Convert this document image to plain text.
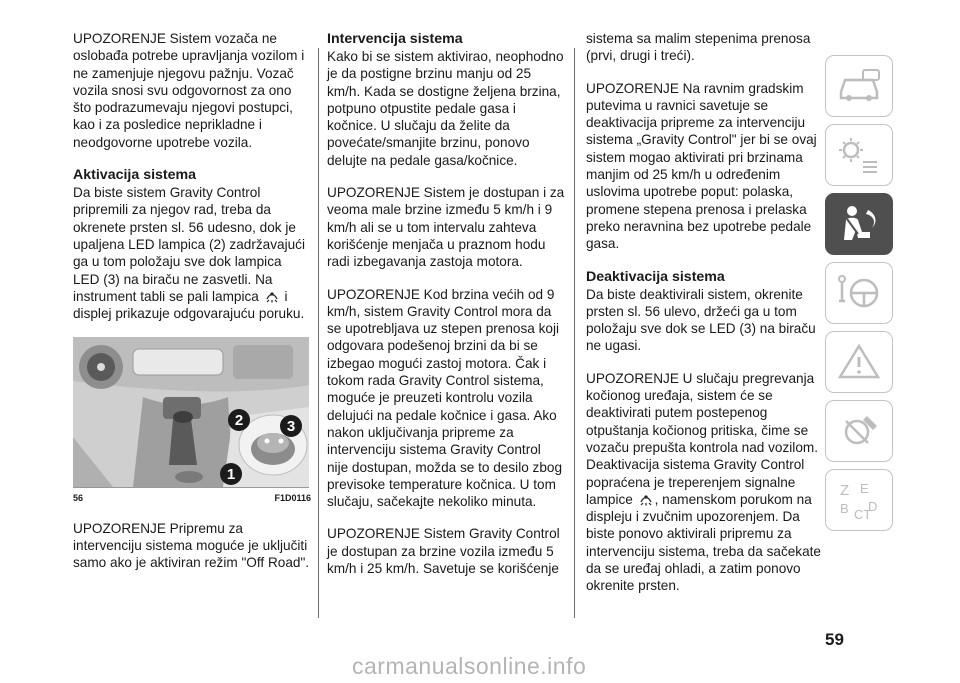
UPOZORENJE Sistem vozača ne oslobađa potrebe upravljanja vozilom i ne zamenjuje njegovu pažnju. Vozač vozila snosi svu odgovornost za ono što podrazumevaju njegovi postupci, kao i za posledice neprikladne i neodgovorne upotrebe vozila.

Aktivacija sistema

Da biste sistem Gravity Control pripremili za njegov rad, treba da okrenete prsten sl. 56 udesno, dok je upaljena LED lampica (2) zadržavajući ga u tom položaju sve dok lampica LED (3) na biraču ne zasvetli. Na instrument tabli se pali lampica i displej prikazuje odgovarajuću poruku.

2	3
1
56	F1D0116

UPOZORENJE Pripremu za intervenciju sistema moguće je uključiti samo ako je aktiviran režim "Off Road".

Intervencija sistema

Kako bi se sistem aktivirao, neophodno je da postigne brzinu manju od 25 km/h. Kada se dostigne željena brzina, potpuno otpustite pedale gasa i kočnice. U slučaju da želite da povećate/smanjite brzinu, ponovo delujte na pedale gasa/kočnice.

UPOZORENJE Sistem je dostupan i za veoma male brzine između 5 km/h i 9 km/h ali se u tom intervalu zahteva korišćenje menjača u praznom hodu radi izbegavanja zastoja motora.

UPOZORENJE Kod brzina većih od 9 km/h, sistem Gravity Control mora da se upotrebljava uz stepen prenosa koji odgovara podešenoj brzini da bi se izbegao mogući zastoj motora. Čak i tokom rada Gravity Control sistema, moguće je preuzeti kontrolu vozila delujući na pedale kočnice i gasa. Ako nakon uključivanja pripreme za intervenciju sistema Gravity Control nije dostupan, možda se to desilo zbog previsoke temperature kočnica. U tom slučaju, sačekajte nekoliko minuta.

UPOZORENJE Sistem Gravity Control je dostupan za brzine vozila između 5 km/h i 25 km/h. Savetuje se korišćenje

sistema sa malim stepenima prenosa (prvi, drugi i treći).

UPOZORENJE Na ravnim gradskim putevima u ravnici savetuje se deaktivacija pripreme za intervenciju sistema „Gravity Control" jer bi se ovaj sistem mogao aktivirati pri brzinama manjim od 25 km/h u određenim uslovima upotrebe poput: polaska, promene stepena prenosa i prelaska preko neravnina bez upotrebe pedale gasa.

Deaktivacija sistema

Da biste deaktivirali sistem, okrenite prsten sl. 56 ulevo, držeći ga u tom položaju sve dok se LED (3) na biraču ne ugasi.

UPOZORENJE U slučaju pregrevanja kočionog uređaja, sistem će se deaktivirati putem postepenog otpuštanja kočionog pritiska, čime se vozaču prepušta kontrola nad vozilom. Deaktivacija sistema Gravity Control popraćena je treperenjem signalne lampice , namenskom porukom na displeju i zvučnim upozorenjem. Da biste ponovo aktivirali pripremu za intervenciju sistema, treba da sačekate da se uređaj ohladi, a zatim ponovo okrenite prsten.

Z E
B CT
D
59
carmanualsonline.info
